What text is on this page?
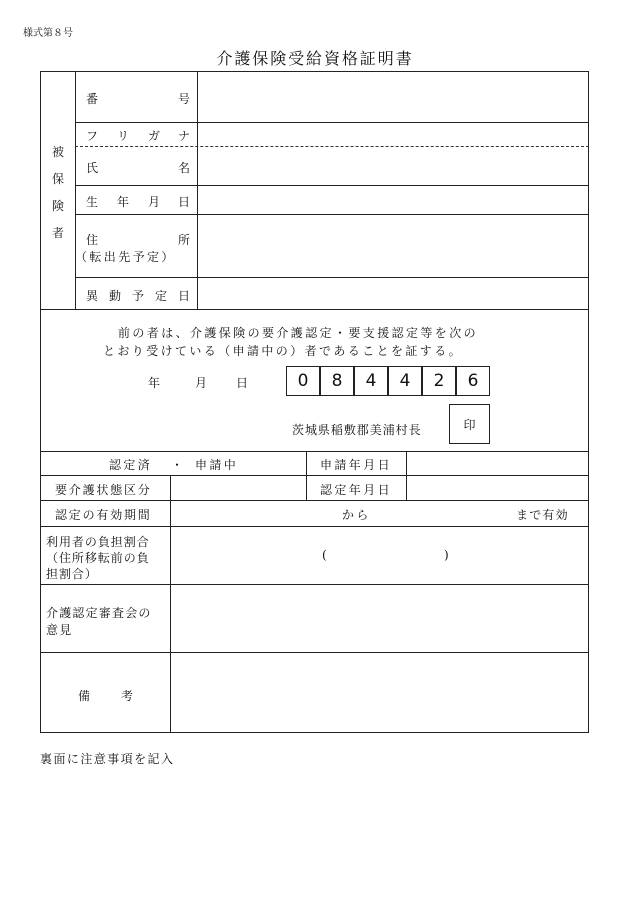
様式第８号
介護保険受給資格証明書
被
保
険
者
番	号
フ リ ガ ナ
氏	名
生 年 月 日
住	所
（転出先予定）
異 動 予 定 日
前の者は、介護保険の要介護認定・要支援認定等を次の
とおり受けている（申請中の）者であることを証する。
年	月 日	0	8	4	4	2	6
茨城県稲敷郡美浦村長	印
認定済 ・ 申請中	申請年月日
要介護状態区分	認定年月日
認定の有効期間	から	まで有効
利用者の負担割合
（住所移転前の負
担割合）
(	)
介護認定審査会の
意見
備	考
裏面に注意事項を記入
